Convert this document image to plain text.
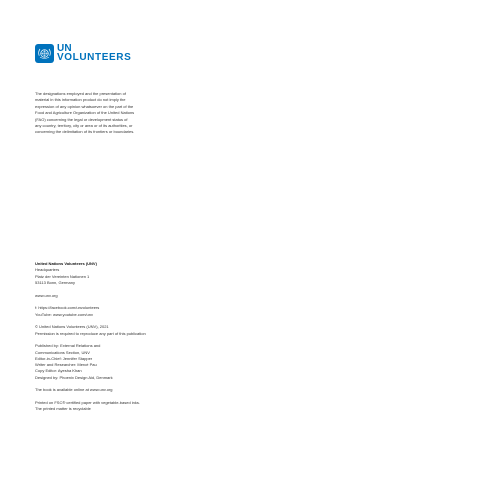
UN
VOLUNTEERS
The designations employed and the presentation of
material in this information product do not imply the
expression of any opinion whatsoever on the part of the
Food and Agriculture Organization of the United Nations
(FAO) concerning the legal or development status of
any country, territory, city or area or of its authorities, or
concerning the delimitation of its frontiers or boundaries.

United Nations Volunteers (UNV)

Headquarters

Platz der Vereinten Nationen 1

53113 Bonn, Germany

www.unv.org

f: https://facebook.com/unvolunteers

YouTube: www.youtube.com/unv

© United Nations Volunteers (UNV), 2021

Permission is required to reproduce any part of this publication

Published by: External Relations and

Communications Section, UNV

Editor-in-Chief: Jennifer Stapper

Writer and Researcher: Mercè Pau

Copy Editor: Ayesha Khan

Designed by: Phoenix Design Aid, Denmark

The book is available online at www.unv.org

Printed on FSC® certified paper with vegetable-based inks.

The printed matter is recyclable
